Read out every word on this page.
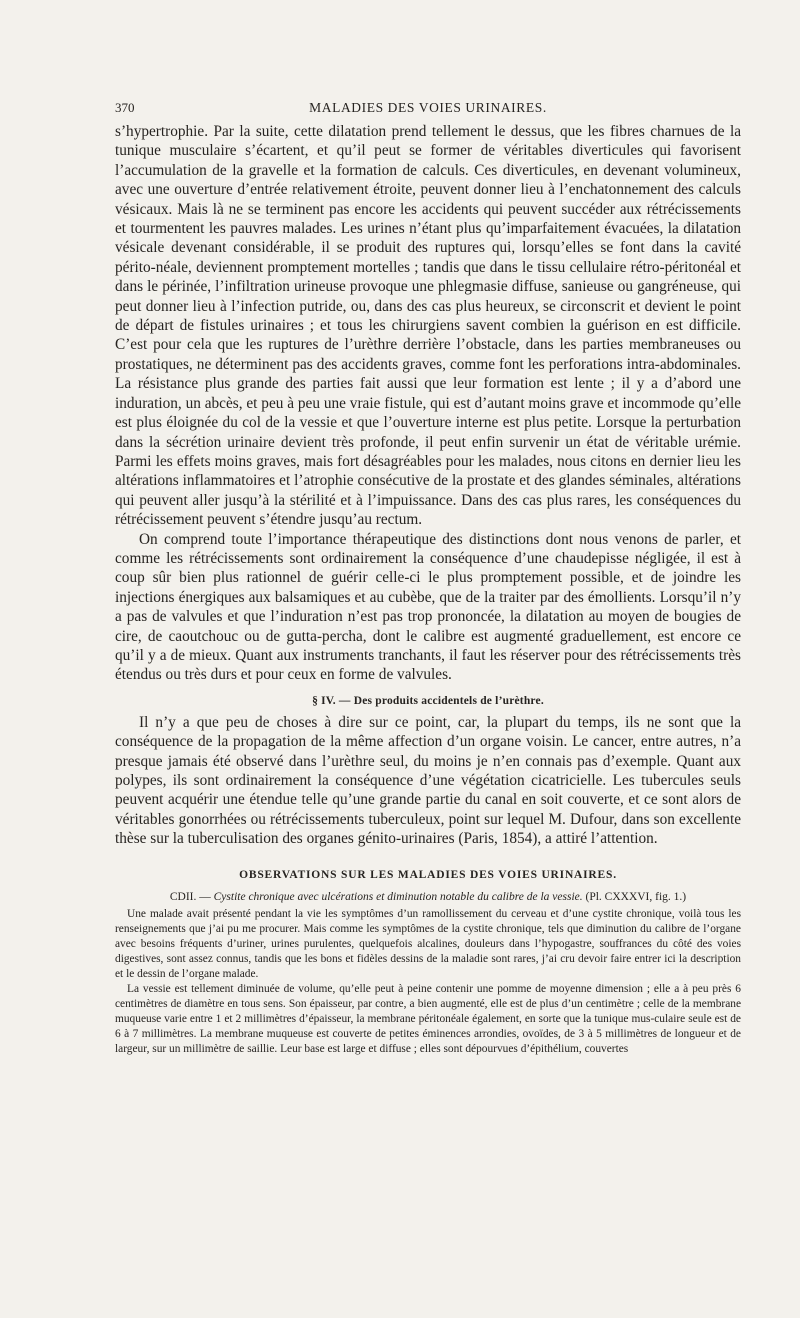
370	MALADIES DES VOIES URINAIRES.

s’hypertrophie. Par la suite, cette dilatation prend tellement le dessus, que les fibres charnues de la tunique musculaire s’écartent, et qu’il peut se former de véritables diverticules qui favorisent l’accumulation de la gravelle et la formation de calculs. Ces diverticules, en devenant volumineux, avec une ouverture d’entrée relativement étroite, peuvent donner lieu à l’enchatonnement des calculs vésicaux. Mais là ne se terminent pas encore les accidents qui peuvent succéder aux rétrécissements et tourmentent les pauvres malades. Les urines n’étant plus qu’imparfaitement évacuées, la dilatation vésicale devenant considérable, il se produit des ruptures qui, lorsqu’elles se font dans la cavité périto-néale, deviennent promptement mortelles ; tandis que dans le tissu cellulaire rétro-péritonéal et dans le périnée, l’infiltration urineuse provoque une phlegmasie diffuse, sanieuse ou gangréneuse, qui peut donner lieu à l’infection putride, ou, dans des cas plus heureux, se circonscrit et devient le point de départ de fistules urinaires ; et tous les chirurgiens savent combien la guérison en est difficile. C’est pour cela que les ruptures de l’urèthre derrière l’obstacle, dans les parties membraneuses ou prostatiques, ne déterminent pas des accidents graves, comme font les perforations intra-abdominales. La résistance plus grande des parties fait aussi que leur formation est lente ; il y a d’abord une induration, un abcès, et peu à peu une vraie fistule, qui est d’autant moins grave et incommode qu’elle est plus éloignée du col de la vessie et que l’ouverture interne est plus petite. Lorsque la perturbation dans la sécrétion urinaire devient très profonde, il peut enfin survenir un état de véritable urémie. Parmi les effets moins graves, mais fort désagréables pour les malades, nous citons en dernier lieu les altérations inflammatoires et l’atrophie consécutive de la prostate et des glandes séminales, altérations qui peuvent aller jusqu’à la stérilité et à l’impuissance. Dans des cas plus rares, les conséquences du rétrécissement peuvent s’étendre jusqu’au rectum.

On comprend toute l’importance thérapeutique des distinctions dont nous venons de parler, et comme les rétrécissements sont ordinairement la conséquence d’une chaudepisse négligée, il est à coup sûr bien plus rationnel de guérir celle-ci le plus promptement possible, et de joindre les injections énergiques aux balsamiques et au cubèbe, que de la traiter par des émollients. Lorsqu’il n’y a pas de valvules et que l’induration n’est pas trop prononcée, la dilatation au moyen de bougies de cire, de caoutchouc ou de gutta-percha, dont le calibre est augmenté graduellement, est encore ce qu’il y a de mieux. Quant aux instruments tranchants, il faut les réserver pour des rétrécissements très étendus ou très durs et pour ceux en forme de valvules.

§ IV. — Des produits accidentels de l’urèthre.

Il n’y a que peu de choses à dire sur ce point, car, la plupart du temps, ils ne sont que la conséquence de la propagation de la même affection d’un organe voisin. Le cancer, entre autres, n’a presque jamais été observé dans l’urèthre seul, du moins je n’en connais pas d’exemple. Quant aux polypes, ils sont ordinairement la conséquence d’une végétation cicatricielle. Les tubercules seuls peuvent acquérir une étendue telle qu’une grande partie du canal en soit couverte, et ce sont alors de véritables gonorrhées ou rétrécissements tuberculeux, point sur lequel M. Dufour, dans son excellente thèse sur la tuberculisation des organes génito-urinaires (Paris, 1854), a attiré l’attention.

OBSERVATIONS SUR LES MALADIES DES VOIES URINAIRES.
CDII. — Cystite chronique avec ulcérations et diminution notable du calibre de la vessie. (Pl. CXXXVI, fig. 1.)

Une malade avait présenté pendant la vie les symptômes d’un ramollissement du cerveau et d’une cystite chronique, voilà tous les renseignements que j’ai pu me procurer. Mais comme les symptômes de la cystite chronique, tels que diminution du calibre de l’organe avec besoins fréquents d’uriner, urines purulentes, quelquefois alcalines, douleurs dans l’hypogastre, souffrances du côté des voies digestives, sont assez connus, tandis que les bons et fidèles dessins de la maladie sont rares, j’ai cru devoir faire entrer ici la description et le dessin de l’organe malade.

La vessie est tellement diminuée de volume, qu’elle peut à peine contenir une pomme de moyenne dimension ; elle a à peu près 6 centimètres de diamètre en tous sens. Son épaisseur, par contre, a bien augmenté, elle est de plus d’un centimètre ; celle de la membrane muqueuse varie entre 1 et 2 millimètres d’épaisseur, la membrane péritonéale également, en sorte que la tunique mus-culaire seule est de 6 à 7 millimètres. La membrane muqueuse est couverte de petites éminences arrondies, ovoïdes, de 3 à 5 millimètres de longueur et de largeur, sur un millimètre de saillie. Leur base est large et diffuse ; elles sont dépourvues d’épithélium, couvertes
